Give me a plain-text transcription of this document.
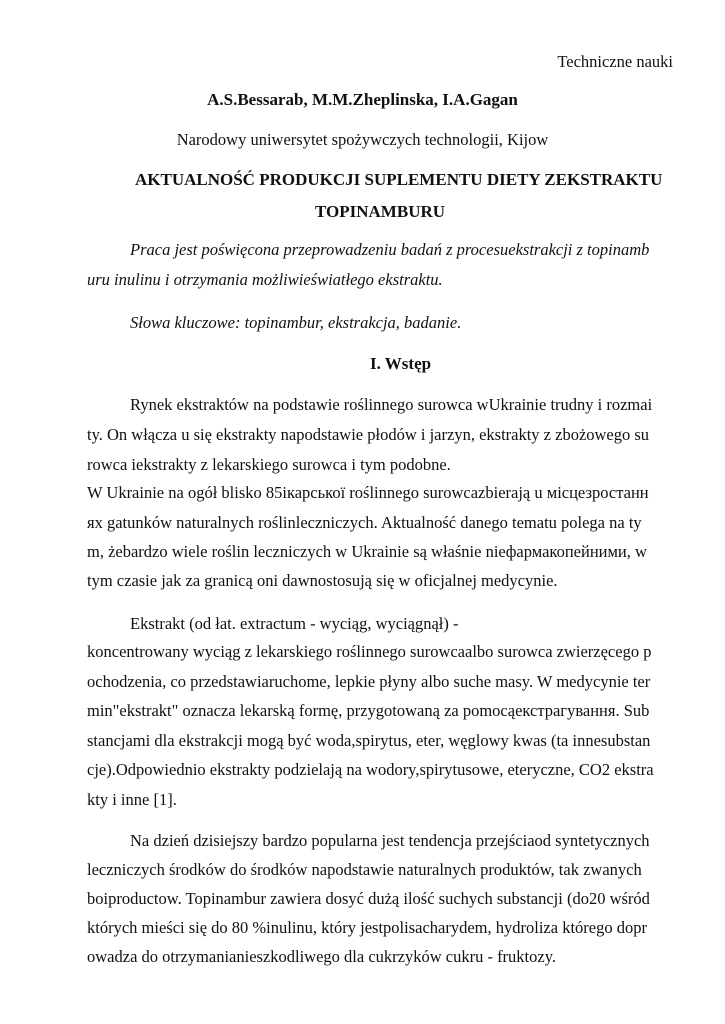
Techniczne nauki
A.S.Bessarab, M.M.Zheplinska, I.A.Gagan
Narodowy uniwersytet spożywczych technologii, Kijow
AKTUALNOŚĆ PRODUKCJI SUPLEMENTU DIETY ZEKSTRAKTU
TOPINAMBURU
Praca jest poświęcona przeprowadzeniu badań z procesuekstrakcji z topinamb
uru inulinu i otrzymania możliwieświatłego ekstraktu.
Słowa kluczowe: topinambur, ekstrakcja, badanie.
I. Wstęp
Rynek ekstraktów na podstawie roślinnego surowca wUkrainie trudny i rozmai
ty. On włącza u się ekstrakty napodstawie płodów i jarzyn, ekstrakty z zbożowego su
rowca iekstrakty z lekarskiego surowca i tym podobne.
W Ukrainie na ogół blisko 85ікарської roślinnego surowcazbierają u місцезростанн
ях gatunków naturalnych roślinleczniczych. Aktualność danego tematu polega na ty
m, żebardzo wiele roślin leczniczych w Ukrainie są właśnie nieфармакопейними, w
tym czasie jak za granicą oni dawnostosują się w oficjalnej medycynie.
Ekstrakt (od łat. extractum - wyciąg, wyciągnął) -
koncentrowany wyciąg z lekarskiego roślinnego surowcaalbo surowca zwierzęcego p
ochodzenia, co przedstawiaruchome, lepkie płyny albo suche masy. W medycynie ter
min"ekstrakt" oznacza lekarską formę, przygotowaną za pomocąекстрагування. Sub
stancjami dla ekstrakcji mogą być woda,spirytus, eter, węglowy kwas (ta innesubstan
cje).Odpowiednio ekstrakty podzielają na wodory,spirytusowe, eteryczne, CO2 ekstra
kty i inne [1].
Na dzień dzisiejszy bardzo popularna jest tendencja przejściaod syntetycznych
leczniczych środków do środków napodstawie naturalnych produktów, tak zwanych
boiproductow. Topinambur zawiera dosyć dużą ilość suchych substancji (do20 wśród
których mieści się do 80 %inulinu, który jestpolisacharydem, hydroliza którego dopr
owadza do otrzymanianieszkodliwego dla cukrzyków cukru - fruktozy.
